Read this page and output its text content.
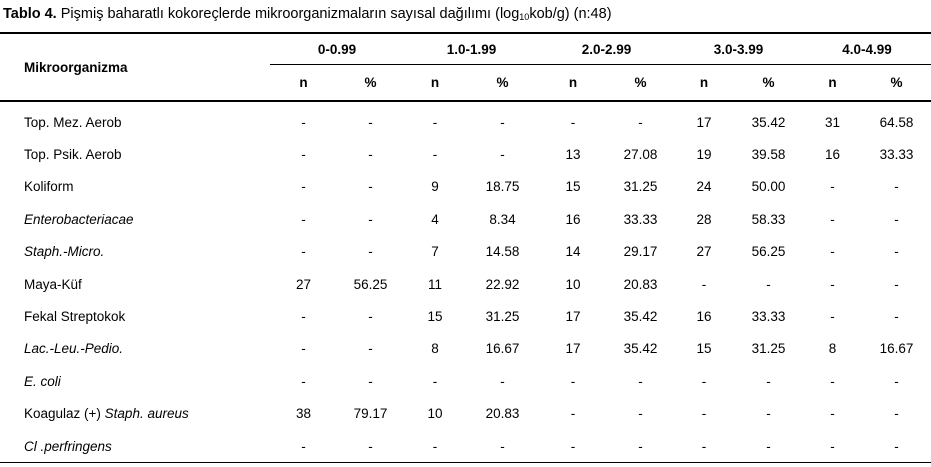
Tablo 4. Pişmiş baharatlı kokoreçlerde mikroorganizmaların sayısal dağılımı $(\log_{10}kob/g)$ (n:48)
Mikroorganizma	0-0.99		1.0-1.99		2.0-2.99		3.0-3.99		4.0-4.99	
	n	%	n	%	n	%	n	%	n	%
Top. Mez. Aerob	-	-	-	-	-	-	17	35.42	31	64.58
Top. Psik. Aerob	-	-	-	-	13	27.08	19	39.58	16	33.33
Koliform	-	-	9	18.75	15	31.25	24	50.00	-	-
Enterobacteriacae	-	-	4	8.34	16	33.33	28	58.33	-	-
Staph.-Micro.	-	-	7	14.58	14	29.17	27	56.25	-	-
Maya-Küf	27	56.25	11	22.92	10	20.83	-	-	-	-
Fekal Streptokok	-	-	15	31.25	17	35.42	16	33.33	-	-
Lac.-Leu.-Pedio.	-	-	8	16.67	17	35.42	15	31.25	8	16.67
E. coli	-	-	-	-	-	-	-	-	-	-
Koagulaz (+) Staph. aureus	38	79.17	10	20.83	-	-	-	-	-	-
Cl .perfringens	-	-	-	-	-	-	-	-	-	-
